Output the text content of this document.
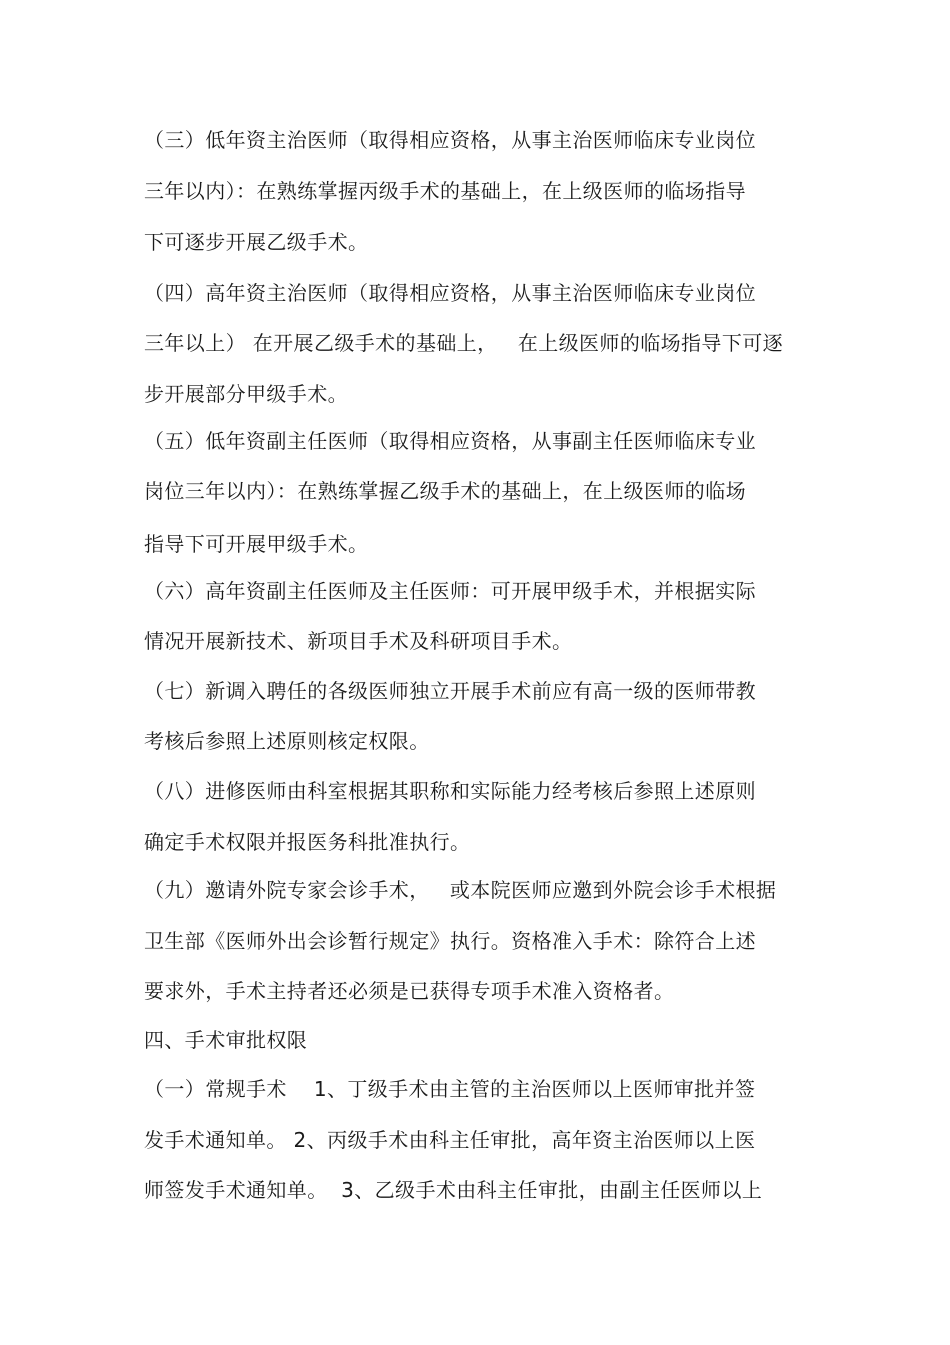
（三）低年资主治医师（取得相应资格，从事主治医师临床专业岗位
三年以内）：在熟练掌握丙级手术的基础上，在上级医师的临场指导
下可逐步开展乙级手术。
（四）高年资主治医师（取得相应资格，从事主治医师临床专业岗位
三年以上） 在开展乙级手术的基础上，   在上级医师的临场指导下可逐
步开展部分甲级手术。
（五）低年资副主任医师（取得相应资格，从事副主任医师临床专业
岗位三年以内）：在熟练掌握乙级手术的基础上，在上级医师的临场
指导下可开展甲级手术。
（六）高年资副主任医师及主任医师：可开展甲级手术，并根据实际
情况开展新技术、新项目手术及科研项目手术。
（七）新调入聘任的各级医师独立开展手术前应有高一级的医师带教
考核后参照上述原则核定权限。
（八）进修医师由科室根据其职称和实际能力经考核后参照上述原则
确定手术权限并报医务科批准执行。
（九）邀请外院专家会诊手术，   或本院医师应邀到外院会诊手术根据
卫生部《医师外出会诊暂行规定》执行。资格准入手术：除符合上述
要求外，手术主持者还必须是已获得专项手术准入资格者。
四、手术审批权限
（一）常规手术    1、丁级手术由主管的主治医师以上医师审批并签
发手术通知单。 2、丙级手术由科主任审批，高年资主治医师以上医
师签发手术通知单。  3、乙级手术由科主任审批，由副主任医师以上
